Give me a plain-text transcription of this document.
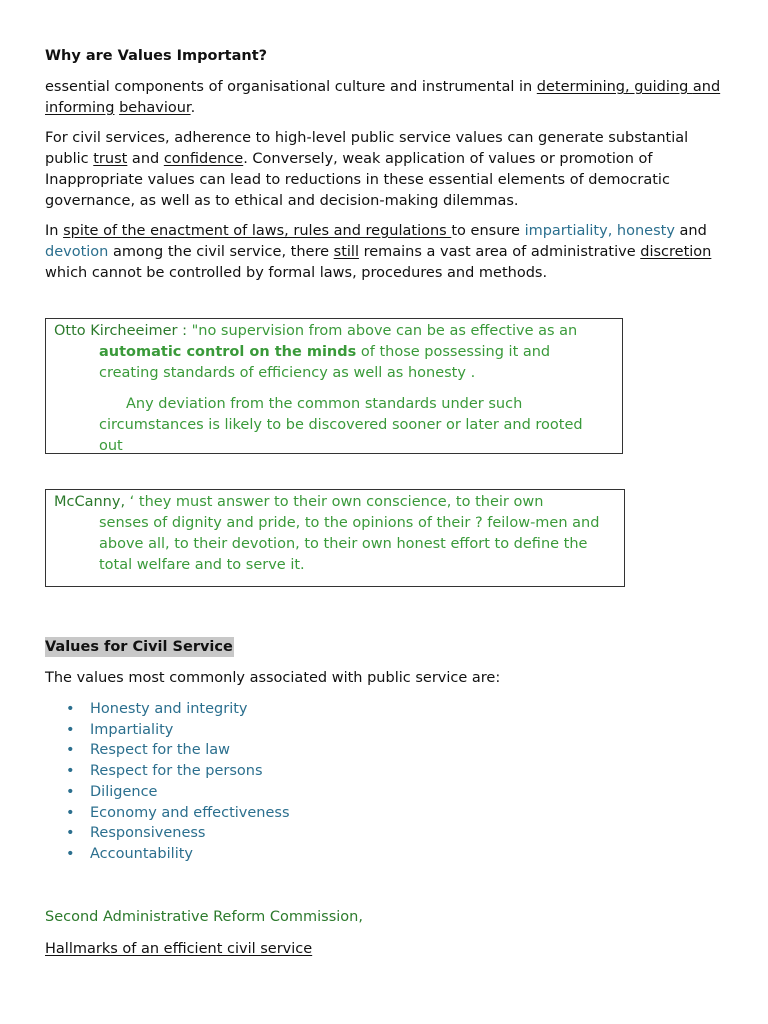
Why are Values Important?

essential components of organisational culture and instrumental in determining, guiding and informing behaviour.

For civil services, adherence to high-level public service values can generate substantial public trust and confidence. Conversely, weak application of values or promotion of Inappropriate values can lead to reductions in these essential elements of democratic governance, as well as to ethical and decision-making dilemmas.

In spite of the enactment of laws, rules and regulations to ensure impartiality, honesty and devotion among the civil service, there still remains a vast area of administrative discretion which cannot be controlled by formal laws, procedures and methods.

Otto Kircheeimer : "no supervision from above can be as effective as an
automatic control on the minds of those possessing it and creating standards of efficiency as well as honesty .
Any deviation from the common standards under such circumstances is likely to be discovered sooner or later and rooted out
McCanny, ‘ they must answer to their own conscience, to their own
senses of dignity and pride, to the opinions of their ? feilow-men and above all, to their devotion, to their own honest effort to define the total welfare and to serve it.
Values for Civil Service
The values most commonly associated with public service are:
• Honesty and integrity
• Impartiality
• Respect for the law
• Respect for the persons
• Diligence
• Economy and effectiveness
• Responsiveness
• Accountability
Second Administrative Reform Commission,
Hallmarks of an efficient civil service
